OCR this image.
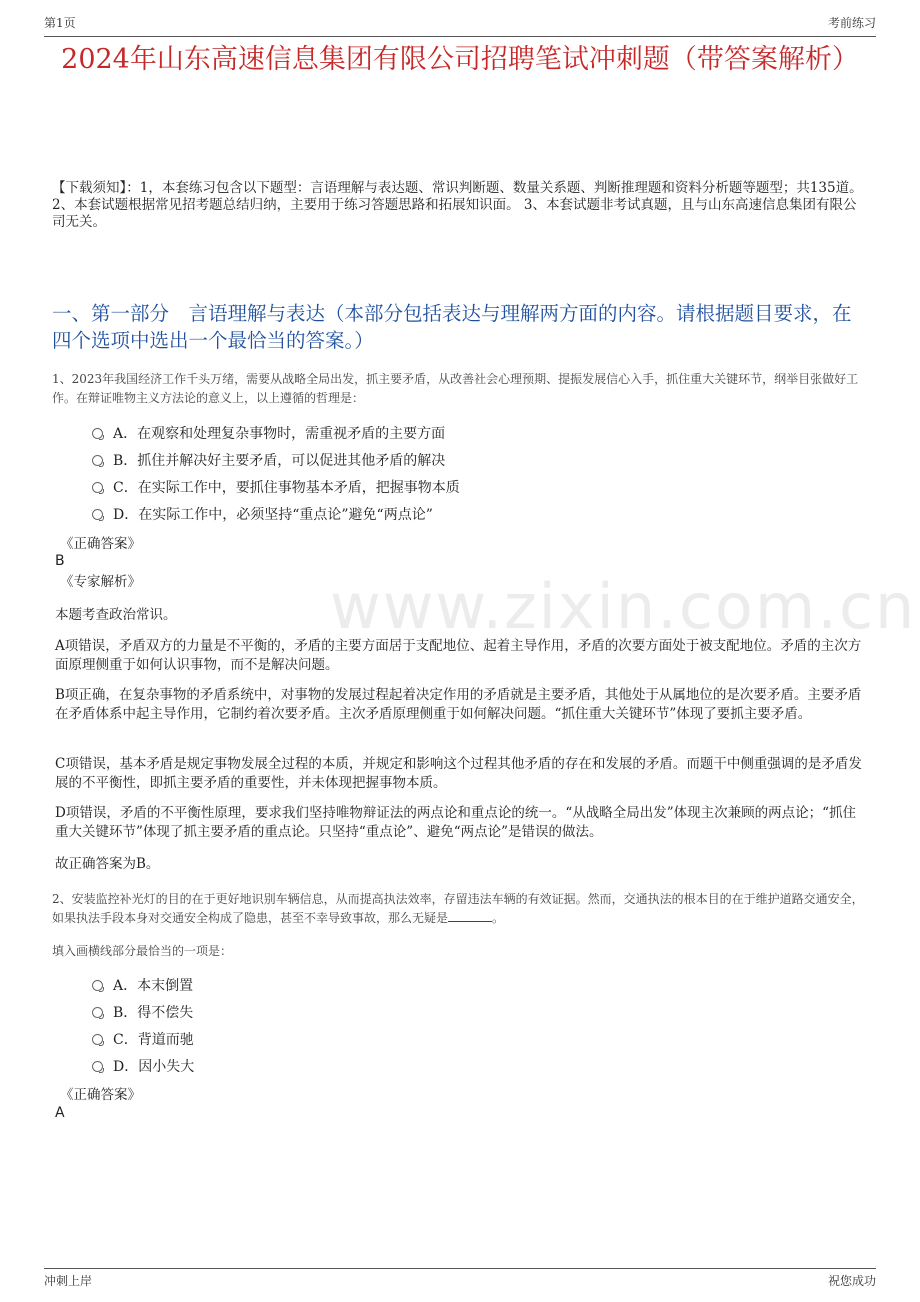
第1页	考前练习
www.zixin.com.cn
2024年山东高速信息集团有限公司招聘笔试冲刺题（带答案解析）
【下载须知】：1，本套练习包含以下题型：言语理解与表达题、常识判断题、数量关系题、判断推理题和资料分析题等题型；共135道。 2、本套试题根据常见招考题总结归纳，主要用于练习答题思路和拓展知识面。 3、本套试题非考试真题，且与山东高速信息集团有限公司无关。
一、第一部分　言语理解与表达（本部分包括表达与理解两方面的内容。请根据题目要求，在四个选项中选出一个最恰当的答案。）
1、2023年我国经济工作千头万绪，需要从战略全局出发，抓主要矛盾，从改善社会心理预期、提振发展信心入手，抓住重大关键环节，纲举目张做好工作。在辩证唯物主义方法论的意义上，以上遵循的哲理是：
A．在观察和处理复杂事物时，需重视矛盾的主要方面
B．抓住并解决好主要矛盾，可以促进其他矛盾的解决
C．在实际工作中，要抓住事物基本矛盾，把握事物本质
D．在实际工作中，必须坚持“重点论”避免“两点论”
《正确答案》
B
《专家解析》
本题考查政治常识。
A项错误，矛盾双方的力量是不平衡的，矛盾的主要方面居于支配地位、起着主导作用，矛盾的次要方面处于被支配地位。矛盾的主次方面原理侧重于如何认识事物，而不是解决问题。
B项正确，在复杂事物的矛盾系统中，对事物的发展过程起着决定作用的矛盾就是主要矛盾，其他处于从属地位的是次要矛盾。主要矛盾在矛盾体系中起主导作用，它制约着次要矛盾。主次矛盾原理侧重于如何解决问题。“抓住重大关键环节”体现了要抓主要矛盾。
C项错误，基本矛盾是规定事物发展全过程的本质，并规定和影响这个过程其他矛盾的存在和发展的矛盾。而题干中侧重强调的是矛盾发展的不平衡性，即抓主要矛盾的重要性，并未体现把握事物本质。
D项错误，矛盾的不平衡性原理，要求我们坚持唯物辩证法的两点论和重点论的统一。“从战略全局出发”体现主次兼顾的两点论；“抓住重大关键环节”体现了抓主要矛盾的重点论。只坚持“重点论”、避免“两点论”是错误的做法。
故正确答案为B。
2、安装监控补光灯的目的在于更好地识别车辆信息，从而提高执法效率，存留违法车辆的有效证据。然而，交通执法的根本目的在于维护道路交通安全，如果执法手段本身对交通安全构成了隐患，甚至不幸导致事故，那么无疑是	。
填入画横线部分最恰当的一项是：
A．本末倒置
B．得不偿失
C．背道而驰
D．因小失大
《正确答案》
A
冲刺上岸	祝您成功
